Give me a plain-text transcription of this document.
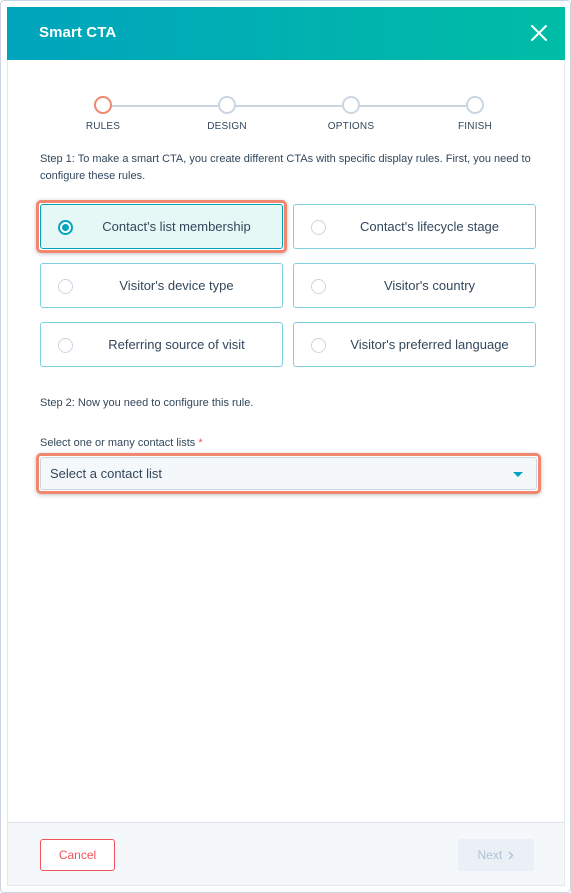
Smart CTA
RULES	DESIGN	OPTIONS	FINISH
Step 1: To make a smart CTA, you create different CTAs with specific display rules. First, you need to configure these rules.
Contact's list membership	Contact's lifecycle stage
Visitor's device type	Visitor's country
Referring source of visit	Visitor's preferred language
Step 2: Now you need to configure this rule.
Select one or many contact lists *
Select a contact list
Cancel	Next
